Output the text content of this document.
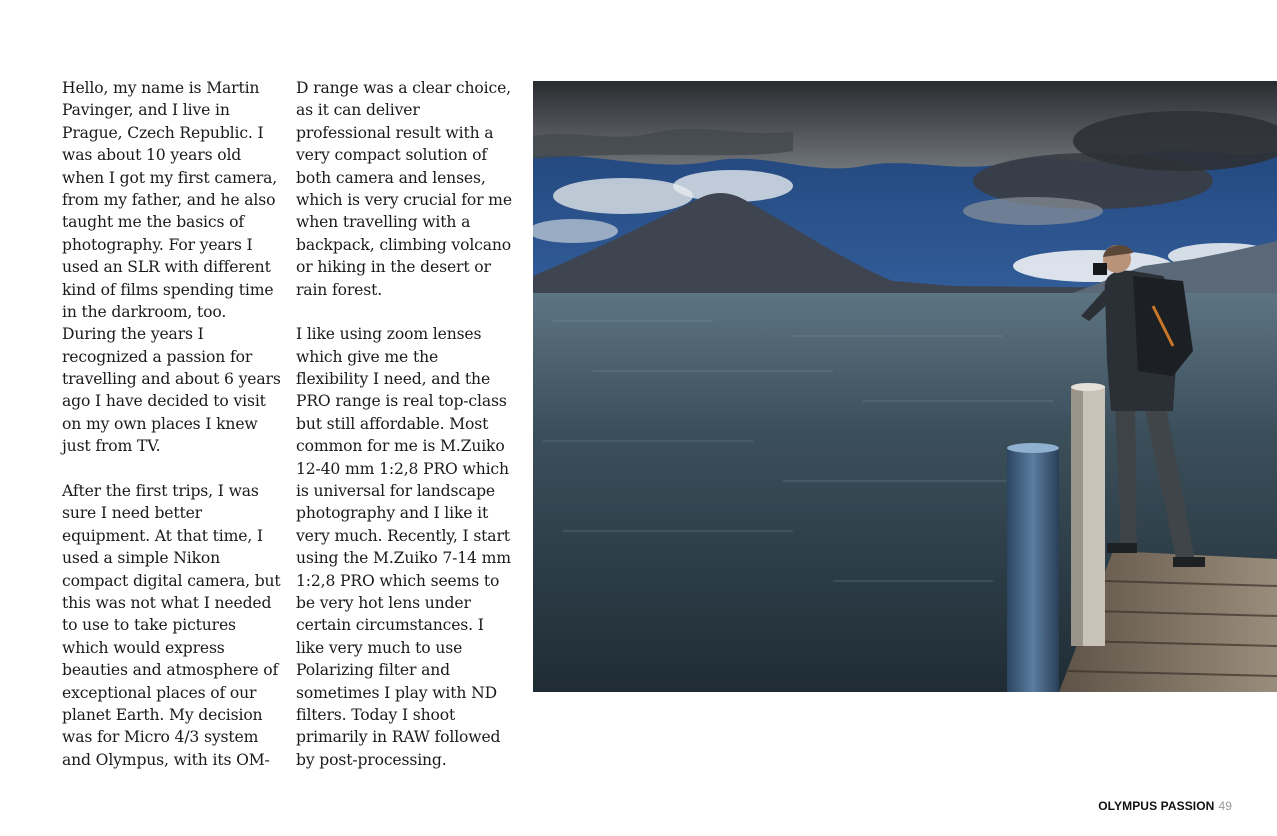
Hello, my name is Martin
Pavinger, and I live in
Prague, Czech Republic. I
was about 10 years old
when I got my first camera,
from my father, and he also
taught me the basics of
photography. For years I
used an SLR with different
kind of films spending time
in the darkroom, too.
During the years I
recognized a passion for
travelling and about 6 years
ago I have decided to visit
on my own places I knew
just from TV.
After the first trips, I was
sure I need better
equipment. At that time, I
used a simple Nikon
compact digital camera, but
this was not what I needed
to use to take pictures
which would express
beauties and atmosphere of
exceptional places of our
planet Earth. My decision
was for Micro 4/3 system
and Olympus, with its OM-
D range was a clear choice,
as it can deliver
professional result with a
very compact solution of
both camera and lenses,
which is very crucial for me
when travelling with a
backpack, climbing volcano
or hiking in the desert or
rain forest.
I like using zoom lenses
which give me the
flexibility I need, and the
PRO range is real top-class
but still affordable. Most
common for me is M.Zuiko
12-40 mm 1:2,8 PRO which
is universal for landscape
photography and I like it
very much. Recently, I start
using the M.Zuiko 7-14 mm
1:2,8 PRO which seems to
be very hot lens under
certain circumstances. I
like very much to use
Polarizing filter and
sometimes I play with ND
filters. Today I shoot
primarily in RAW followed
by post-processing.
OLYMPUS PASSION 49
